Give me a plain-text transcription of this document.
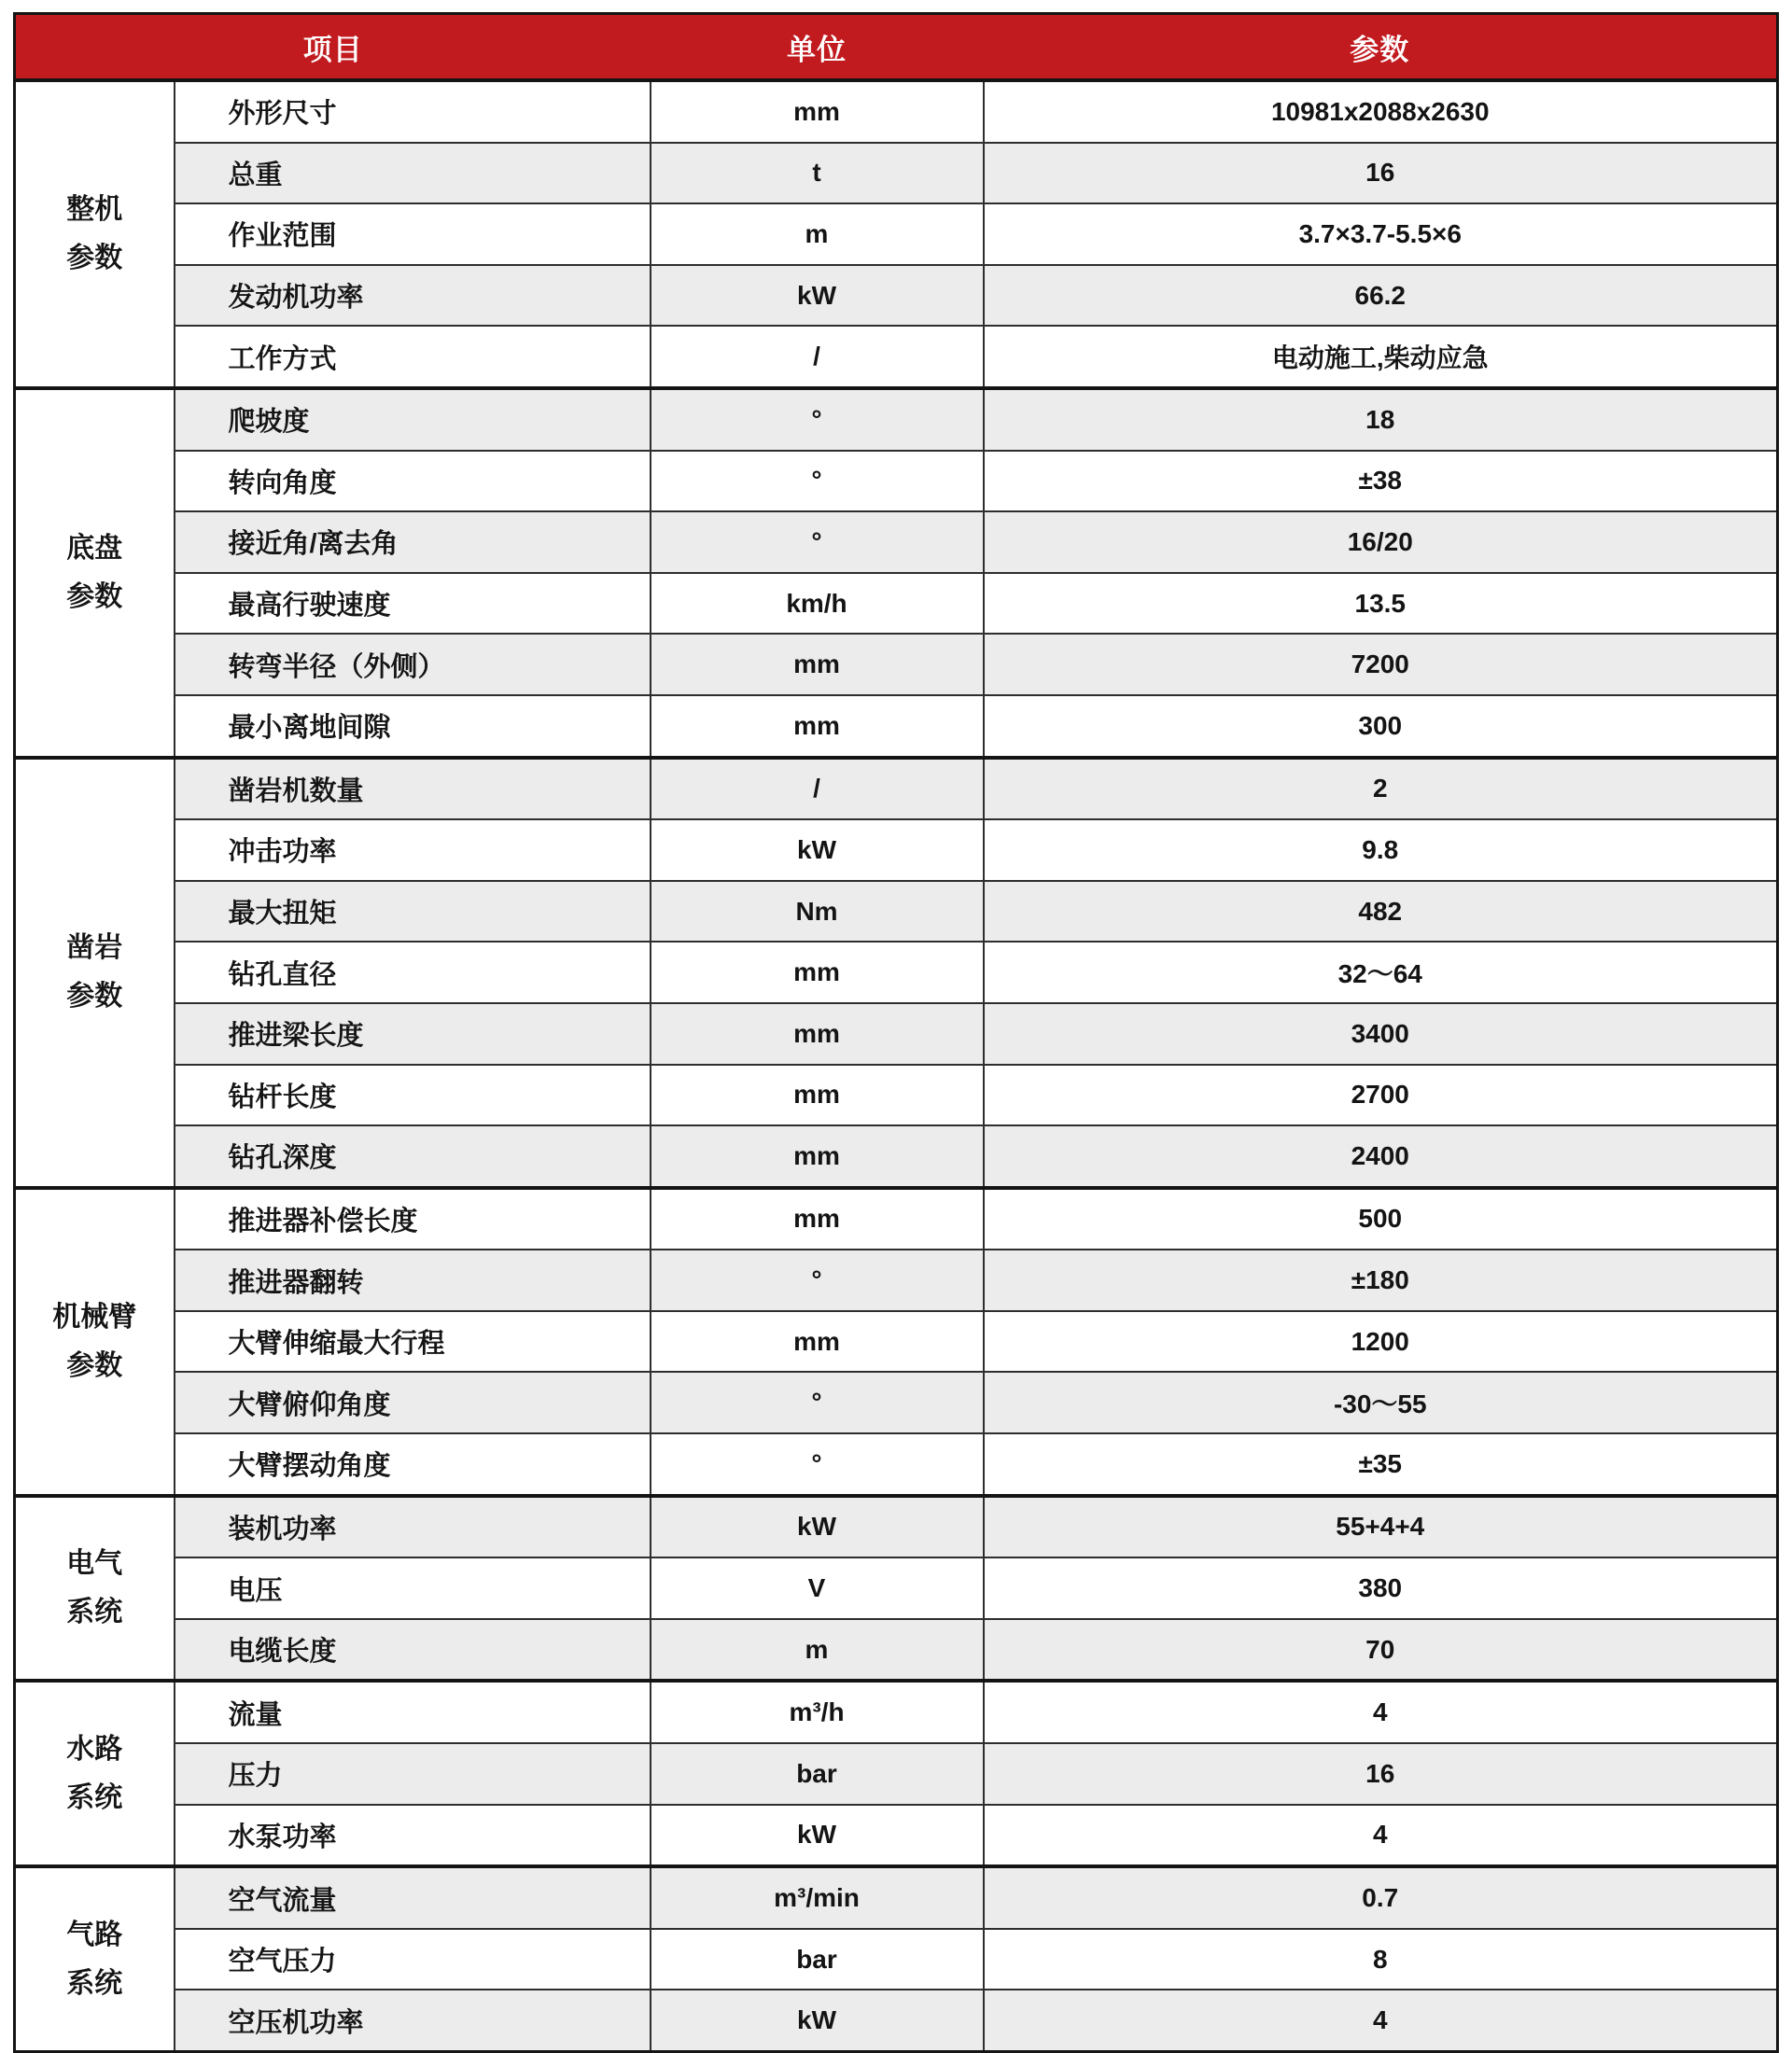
项目		单位	参数

整机
参数	外形尺寸	mm	10981x2088x2630
	总重	t	16
	作业范围	m	3.7×3.7-5.5×6
	发动机功率	kW	66.2
	工作方式	/	电动施工,柴动应急

底盘
参数	爬坡度	°	18
	转向角度	°	±38
	接近角/离去角	°	16/20
	最高行驶速度	km/h	13.5
	转弯半径（外侧）	mm	7200
	最小离地间隙	mm	300

凿岩
参数	凿岩机数量	/	2
	冲击功率	kW	9.8
	最大扭矩	Nm	482
	钻孔直径	mm	32～64
	推进梁长度	mm	3400
	钻杆长度	mm	2700
	钻孔深度	mm	2400

机械臂
参数	推进器补偿长度	mm	500
	推进器翻转	°	±180
	大臂伸缩最大行程	mm	1200
	大臂俯仰角度	°	-30～55
	大臂摆动角度	°	±35

电气
系统	装机功率	kW	55+4+4
	电压	V	380
	电缆长度	m	70

水路
系统	流量	m³/h	4
	压力	bar	16
	水泵功率	kW	4

气路
系统	空气流量	m³/min	0.7
	空气压力	bar	8
	空压机功率	kW	4
